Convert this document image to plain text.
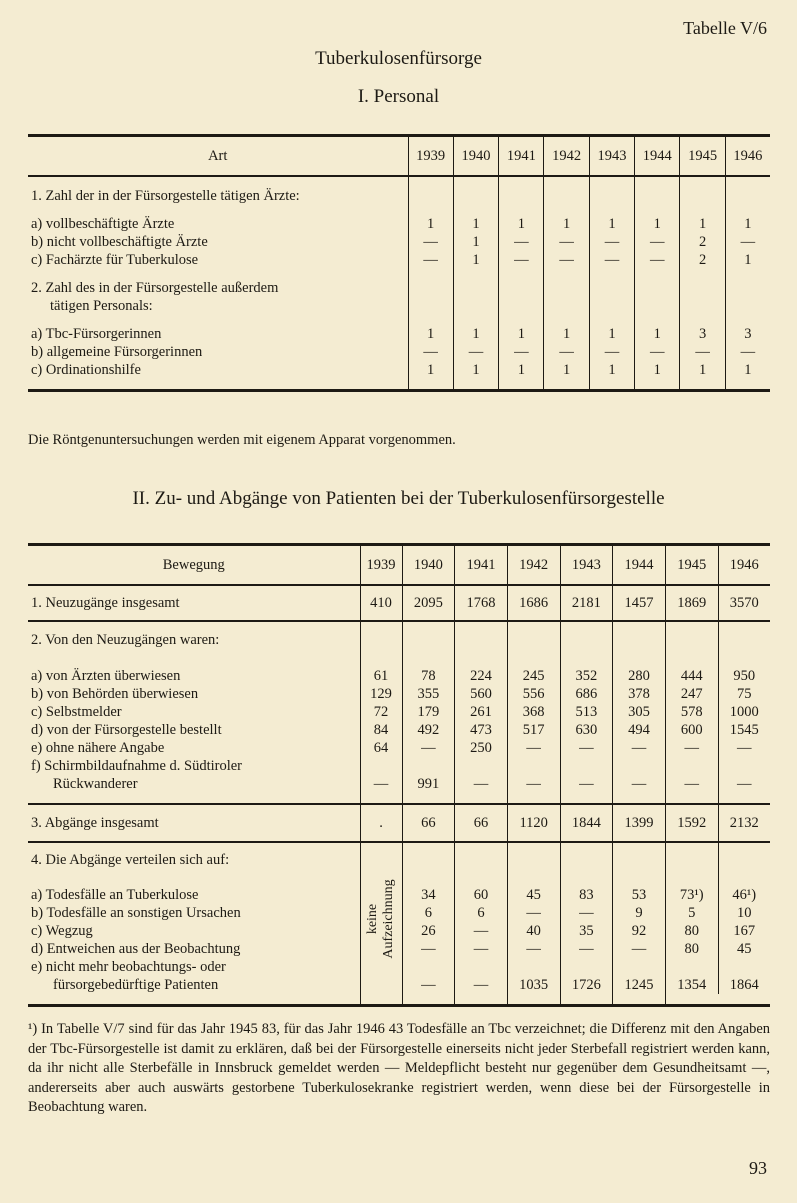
Tabelle V/6
Tuberkulosenfürsorge
I. Personal
Art	1939	1940	1941	1942	1943	1944	1945	1946

1. Zahl der in der Fürsorgestelle tätigen Ärzte:								

a) vollbeschäftigte Ärzte	1	1	1	1	1	1	1	1
b) nicht vollbeschäftigte Ärzte	—	1	—	—	—	—	2	—
c) Fachärzte für Tuberkulose	—	1	—	—	—	—	2	1

2. Zahl des in der Fürsorgestelle außerdem								
tätigen Personals:								

a) Tbc-Fürsorgerinnen	1	1	1	1	1	1	3	3
b) allgemeine Fürsorgerinnen	—	—	—	—	—	—	—	—
c) Ordinationshilfe	1	1	1	1	1	1	1	1

Die Röntgenuntersuchungen werden mit eigenem Apparat vorgenommen.
II. Zu- und Abgänge von Patienten bei der Tuberkulosenfürsorgestelle
Bewegung	1939	1940	1941	1942	1943	1944	1945	1946
1. Neuzugänge insgesamt	410	2095	1768	1686	2181	1457	1869	3570
2. Von den Neuzugängen waren:								

a) von Ärzten überwiesen	61	78	224	245	352	280	444	950
b) von Behörden überwiesen	129	355	560	556	686	378	247	75
c) Selbstmelder	72	179	261	368	513	305	578	1000
d) von der Fürsorgestelle bestellt	84	492	473	517	630	494	600	1545
e) ohne nähere Angabe	64	—	250	—	—	—	—	—
f) Schirmbildaufnahme d. Südtiroler								
Rückwanderer	—	991	—	—	—	—	—	—

3. Abgänge insgesamt	.	66	66	1120	1844	1399	1592	2132
4. Die Abgänge verteilen sich auf:	keine Aufzeichnung							

a) Todesfälle an Tuberkulose		34	60	45	83	53	73¹)	46¹)
b) Todesfälle an sonstigen Ursachen		6	6	—	—	9	5	10
c) Wegzug		26	—	40	35	92	80	167
d) Entweichen aus der Beobachtung		—	—	—	—	—	80	45
e) nicht mehr beobachtungs- oder								
fürsorgebedürftige Patienten		—	—	1035	1726	1245	1354	1864

¹) In Tabelle V/7 sind für das Jahr 1945 83, für das Jahr 1946 43 Todesfälle an Tbc verzeichnet; die Differenz mit den Angaben der Tbc-Fürsorgestelle ist damit zu erklären, daß bei der Fürsorgestelle einerseits nicht jeder Sterbefall registriert werden kann, da ihr nicht alle Sterbefälle in Innsbruck gemeldet werden — Meldepflicht besteht nur gegenüber dem Gesundheitsamt —, andererseits aber auch auswärts gestorbene Tuberkulosekranke registriert werden, wenn diese bei der Fürsorgestelle in Beobachtung waren.
93
